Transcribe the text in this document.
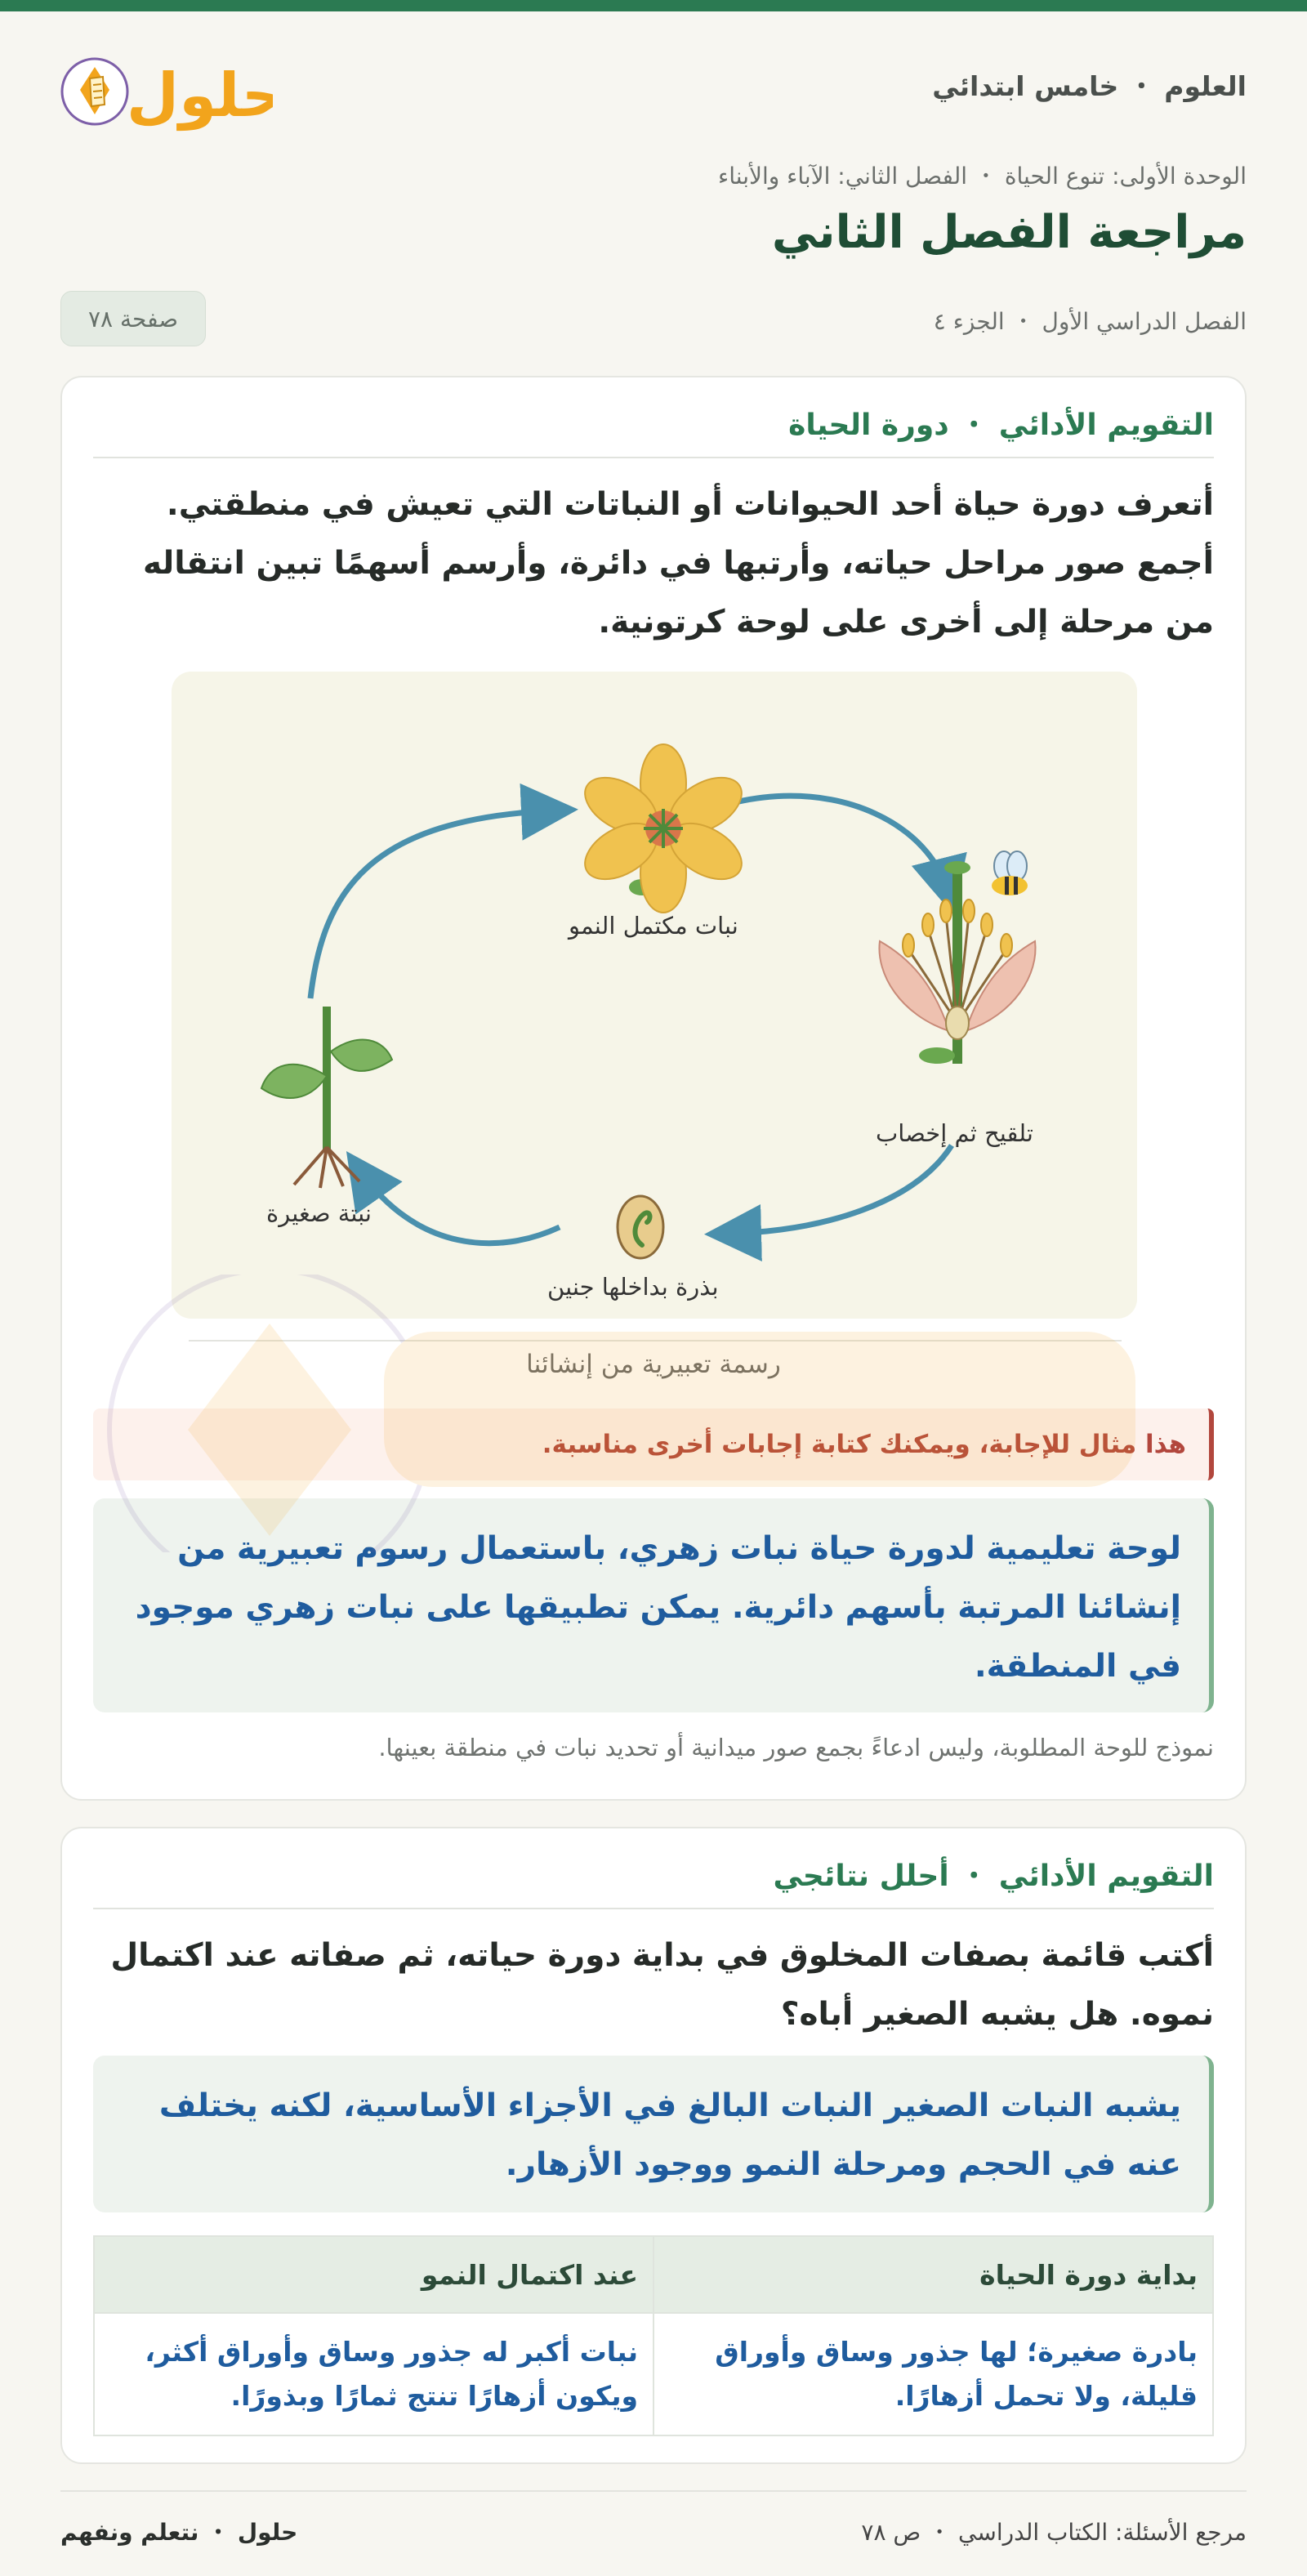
العلوم ・ خامس ابتدائي
حلول
الوحدة الأولى: تنوع الحياة ・ الفصل الثاني: الآباء والأبناء
مراجعة الفصل الثاني
الفصل الدراسي الأول ・ الجزء ٤
صفحة ٧٨
التقويم الأدائي ・ دورة الحياة
أتعرف دورة حياة أحد الحيوانات أو النباتات التي تعيش في منطقتي. أجمع صور مراحل حياته، وأرتبها في دائرة، وأرسم أسهمًا تبين انتقاله من مرحلة إلى أخرى على لوحة كرتونية.
نبات مكتمل النمو
تلقيح ثم إخصاب
بذرة بداخلها جنين
نبتة صغيرة
رسمة تعبيرية من إنشائنا
هذا مثال للإجابة، ويمكنك كتابة إجابات أخرى مناسبة.
لوحة تعليمية لدورة حياة نبات زهري، باستعمال رسوم تعبيرية من إنشائنا المرتبة بأسهم دائرية. يمكن تطبيقها على نبات زهري موجود في المنطقة.
نموذج للوحة المطلوبة، وليس ادعاءً بجمع صور ميدانية أو تحديد نبات في منطقة بعينها.
التقويم الأدائي ・ أحلل نتائجي
أكتب قائمة بصفات المخلوق في بداية دورة حياته، ثم صفاته عند اكتمال نموه. هل يشبه الصغير أباه؟
يشبه النبات الصغير النبات البالغ في الأجزاء الأساسية، لكنه يختلف عنه في الحجم ومرحلة النمو ووجود الأزهار.
بداية دورة الحياة	عند اكتمال النمو
بادرة صغيرة؛ لها جذور وساق وأوراق قليلة، ولا تحمل أزهارًا.	نبات أكبر له جذور وساق وأوراق أكثر، ويكون أزهارًا تنتج ثمارًا وبذورًا.
حلول ・ نتعلم ونفهم	مرجع الأسئلة: الكتاب الدراسي ・ ص ٧٨
